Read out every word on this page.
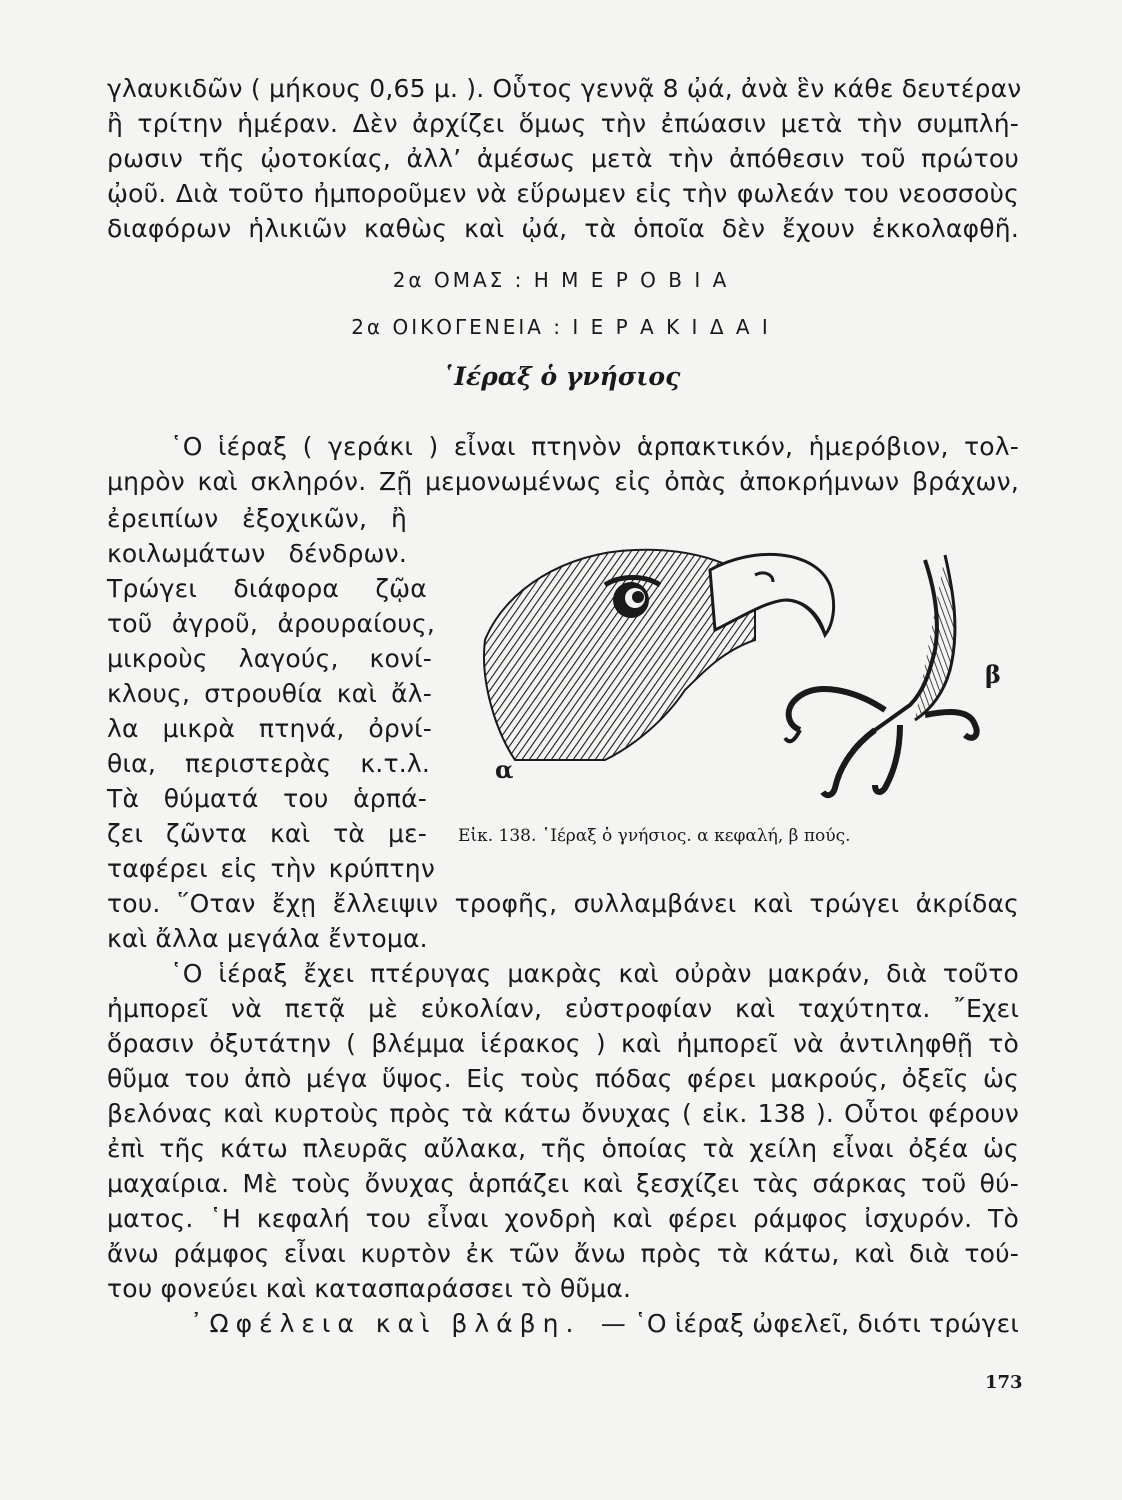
γλαυκιδῶν ( μήκους 0,65 μ. ). Οὗτος γεννᾷ 8 ᾠά, ἀνὰ ἓν κάθε δευτέραν
ἢ τρίτην ἡμέραν. Δὲν ἀρχίζει ὅμως τὴν ἐπώασιν μετὰ τὴν συμπλή-
ρωσιν τῆς ᾠοτοκίας, ἀλλ’ ἀμέσως μετὰ τὴν ἀπόθεσιν τοῦ πρώτου
ᾠοῦ. Διὰ τοῦτο ἠμποροῦμεν νὰ εὕρωμεν εἰς τὴν φωλεάν του νεοσσοὺς
διαφόρων ἡλικιῶν καθὼς καὶ ᾠά, τὰ ὁποῖα δὲν ἔχουν ἐκκολαφθῆ.
2α ΟΜΑΣ : Η Μ Ε Ρ Ο Β Ι Α
2α ΟΙΚΟΓΕΝΕΙΑ : Ι Ε Ρ Α Κ Ι Δ Α Ι
῾Ιέραξ ὁ γνήσιος
῾Ο ἱέραξ ( γεράκι ) εἶναι πτηνὸν ἁρπακτικόν, ἡμερόβιον, τολ-
μηρὸν καὶ σκληρόν. Ζῇ μεμονωμένως εἰς ὀπὰς ἀποκρήμνων βράχων,
ἐρειπίων ἐξοχικῶν, ἢ
κοιλωμάτων δένδρων.
Τρώγει διάφορα ζῷα
τοῦ ἀγροῦ, ἀρουραίους,
μικροὺς λαγούς, κονί-
κλους, στρουθία καὶ ἄλ-
λα μικρὰ πτηνά, ὀρνί-
θια, περιστερὰς κ.τ.λ.
Τὰ θύματά του ἁρπά-
ζει ζῶντα καὶ τὰ με-
ταφέρει εἰς τὴν κρύπτην
α
β
Εἰκ. 138. ῾Ιέραξ ὁ γνήσιος. α κεφαλή, β πούς.
του. ῞Οταν ἔχῃ ἔλλειψιν τροφῆς, συλλαμβάνει καὶ τρώγει ἀκρίδας
καὶ ἄλλα μεγάλα ἔντομα.
῾Ο ἱέραξ ἔχει πτέρυγας μακρὰς καὶ οὐρὰν μακράν, διὰ τοῦτο
ἠμπορεῖ νὰ πετᾷ μὲ εὐκολίαν, εὐστροφίαν καὶ ταχύτητα. ῎Εχει
ὅρασιν ὀξυτάτην ( βλέμμα ἱέρακος ) καὶ ἠμπορεῖ νὰ ἀντιληφθῇ τὸ
θῦμα του ἀπὸ μέγα ὕψος. Εἰς τοὺς πόδας φέρει μακρούς, ὀξεῖς ὡς
βελόνας καὶ κυρτοὺς πρὸς τὰ κάτω ὄνυχας ( εἰκ. 138 ). Οὗτοι φέρουν
ἐπὶ τῆς κάτω πλευρᾶς αὔλακα, τῆς ὁποίας τὰ χείλη εἶναι ὀξέα ὡς
μαχαίρια. Μὲ τοὺς ὄνυχας ἁρπάζει καὶ ξεσχίζει τὰς σάρκας τοῦ θύ-
ματος. ῾Η κεφαλή του εἶναι χονδρὴ καὶ φέρει ράμφος ἰσχυρόν. Τὸ
ἄνω ράμφος εἶναι κυρτὸν ἐκ τῶν ἄνω πρὸς τὰ κάτω, καὶ διὰ τού-
του φονεύει καὶ κατασπαράσσει τὸ θῦμα.
᾽Ωφέλεια καὶ βλάβη. — ῾Ο ἱέραξ ὠφελεῖ, διότι τρώγει
173
